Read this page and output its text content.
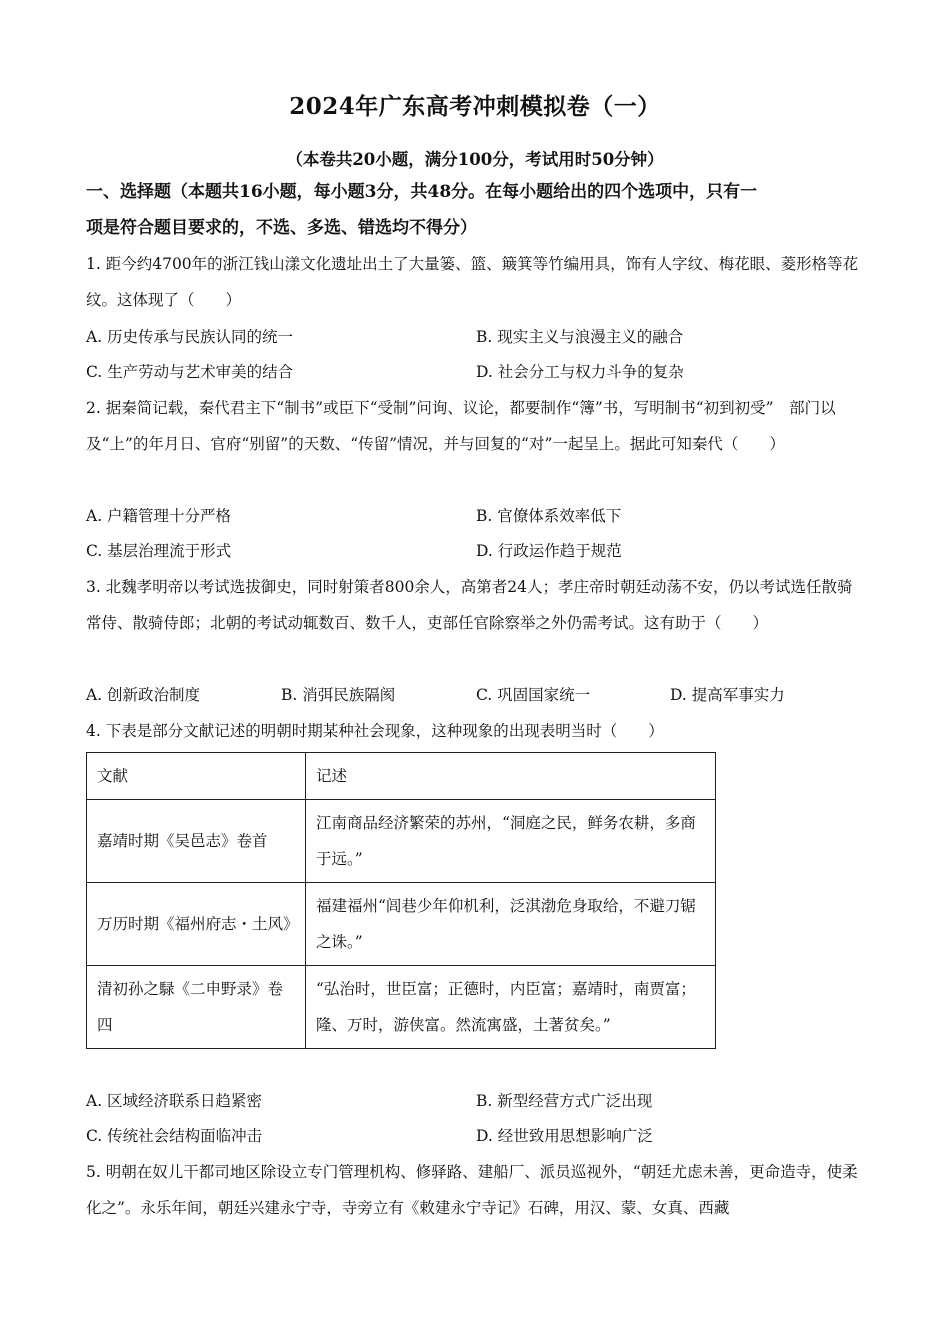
2024年广东高考冲刺模拟卷（一）
（本卷共20小题，满分100分，考试用时50分钟）
一、选择题（本题共16小题，每小题3分，共48分。在每小题给出的四个选项中，只有一
项是符合题目要求的，不选、多选、错选均不得分）
1. 距今约4700年的浙江钱山漾文化遗址出土了大量篓、篮、簸箕等竹编用具，饰有人字纹、梅花眼、菱形格等花纹。这体现了（　　）
A. 历史传承与民族认同的统一	B. 现实主义与浪漫主义的融合
C. 生产劳动与艺术审美的结合	D. 社会分工与权力斗争的复杂
2. 据秦简记载，秦代君主下“制书”或臣下“受制”问询、议论，都要制作“簿”书，写明制书“初到初受”　部门以及“上”的年月日、官府“别留”的天数、“传留”情况，并与回复的“对”一起呈上。据此可知秦代（　　）
A. 户籍管理十分严格	B. 官僚体系效率低下
C. 基层治理流于形式	D. 行政运作趋于规范
3. 北魏孝明帝以考试选拔御史，同时射策者800余人，高第者24人；孝庄帝时朝廷动荡不安，仍以考试选任散骑常侍、散骑侍郎；北朝的考试动辄数百、数千人，吏部任官除察举之外仍需考试。这有助于（　　）
A. 创新政治制度	B. 消弭民族隔阂	C. 巩固国家统一	D. 提高军事实力
4. 下表是部分文献记述的明朝时期某种社会现象，这种现象的出现表明当时（　　）
文献	记述
嘉靖时期《吴邑志》卷首	江南商品经济繁荣的苏州，“洞庭之民，鲜务农耕，多商于远。”
万历时期《福州府志・土风》	福建福州“闾巷少年仰机利，泛淇渤危身取给，不避刀锯之诛。”
清初孙之騄《二申野录》卷四	“弘治时，世臣富；正德时，内臣富；嘉靖时，南贾富；隆、万时，游侠富。然流寓盛，土著贫矣。”
A. 区域经济联系日趋紧密	B. 新型经营方式广泛出现
C. 传统社会结构面临冲击	D. 经世致用思想影响广泛
5. 明朝在奴儿干都司地区除设立专门管理机构、修驿路、建船厂、派员巡视外，“朝廷尤虑未善，更命造寺，使柔化之”。永乐年间，朝廷兴建永宁寺，寺旁立有《敕建永宁寺记》石碑，用汉、蒙、女真、西藏
